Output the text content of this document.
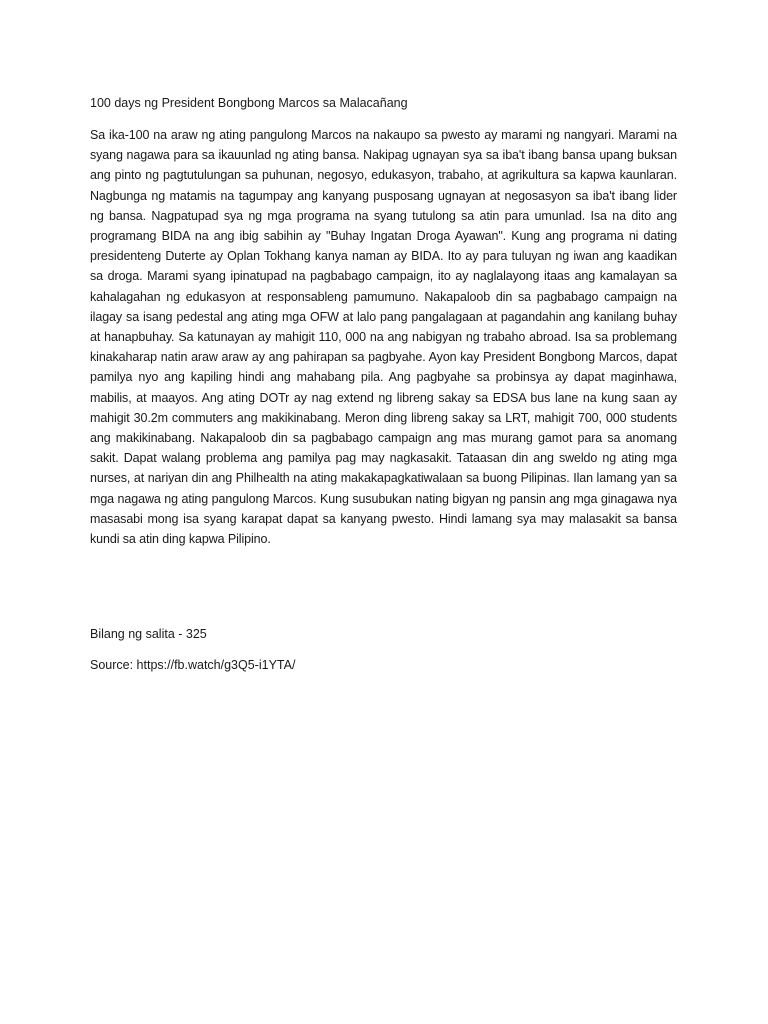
100 days ng President Bongbong Marcos sa Malacañang

Sa ika-100 na araw ng ating pangulong Marcos na nakaupo sa pwesto ay marami ng nangyari. Marami na syang nagawa para sa ikauunlad ng ating bansa. Nakipag ugnayan sya sa iba't ibang bansa upang buksan ang pinto ng pagtutulungan sa puhunan, negosyo, edukasyon, trabaho, at agrikultura sa kapwa kaunlaran. Nagbunga ng matamis na tagumpay ang kanyang pusposang ugnayan at negosasyon sa iba't ibang lider ng bansa. Nagpatupad sya ng mga programa na syang tutulong sa atin para umunlad. Isa na dito ang programang BIDA na ang ibig sabihin ay "Buhay Ingatan Droga Ayawan". Kung ang programa ni dating presidenteng Duterte ay Oplan Tokhang kanya naman ay BIDA. Ito ay para tuluyan ng iwan ang kaadikan sa droga. Marami syang ipinatupad na pagbabago campaign, ito ay naglalayong itaas ang kamalayan sa kahalagahan ng edukasyon at responsableng pamumuno. Nakapaloob din sa pagbabago campaign na ilagay sa isang pedestal ang ating mga OFW at lalo pang pangalagaan at pagandahin ang kanilang buhay at hanapbuhay. Sa katunayan ay mahigit 110, 000 na ang nabigyan ng trabaho abroad. Isa sa problemang kinakaharap natin araw araw ay ang pahirapan sa pagbyahe. Ayon kay President Bongbong Marcos, dapat pamilya nyo ang kapiling hindi ang mahabang pila. Ang pagbyahe sa probinsya ay dapat maginhawa, mabilis, at maayos. Ang ating DOTr ay nag extend ng libreng sakay sa EDSA bus lane na kung saan ay mahigit 30.2m commuters ang makikinabang. Meron ding libreng sakay sa LRT, mahigit 700, 000 students ang makikinabang. Nakapaloob din sa pagbabago campaign ang mas murang gamot para sa anomang sakit. Dapat walang problema ang pamilya pag may nagkasakit. Tataasan din ang sweldo ng ating mga nurses, at nariyan din ang Philhealth na ating makakapagkatiwalaan sa buong Pilipinas. Ilan lamang yan sa mga nagawa ng ating pangulong Marcos. Kung susubukan nating bigyan ng pansin ang mga ginagawa nya masasabi mong isa syang karapat dapat sa kanyang pwesto. Hindi lamang sya may malasakit sa bansa kundi sa atin ding kapwa Pilipino.

Bilang ng salita - 325

Source: https://fb.watch/g3Q5-i1YTA/
